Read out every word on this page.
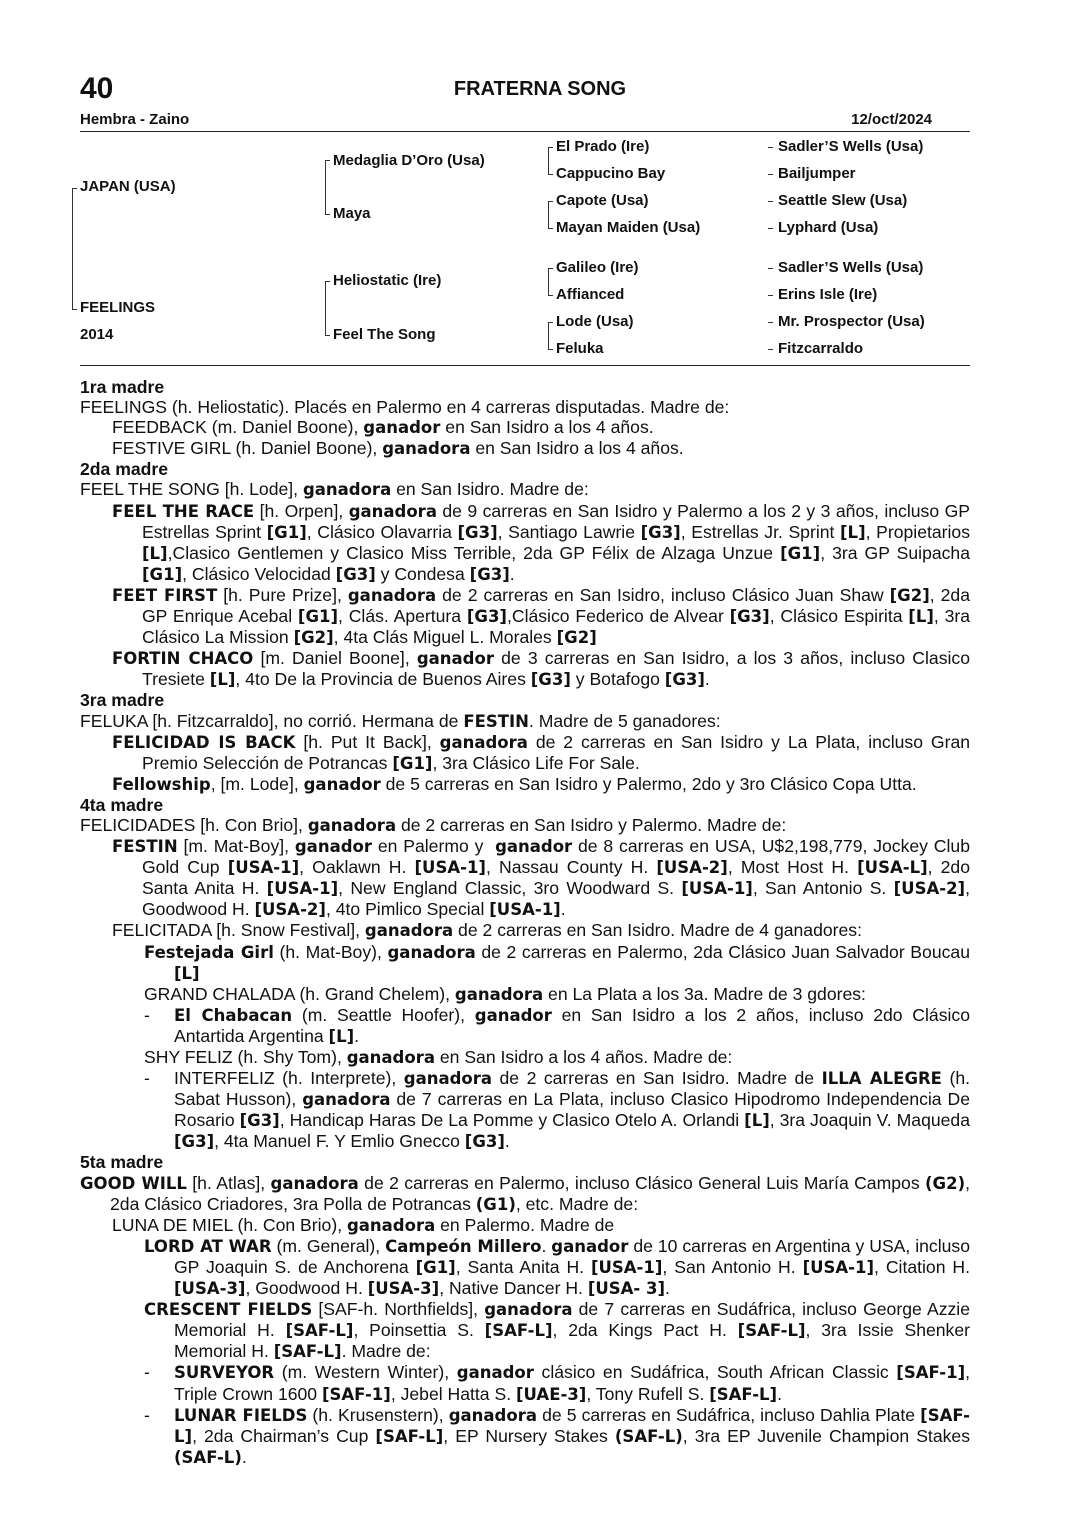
40	FRATERNA SONG
Hembra - Zaino	12/oct/2024
JAPAN (USA)
FEELINGS
2014
Medaglia D’Oro (Usa)
Maya
Heliostatic (Ire)
Feel The Song
El Prado (Ire)
Cappucino Bay
Capote (Usa)
Mayan Maiden (Usa)
Galileo (Ire)
Affianced
Lode (Usa)
Feluka
Sadler’S Wells (Usa)
Bailjumper
Seattle Slew (Usa)
Lyphard (Usa)
Sadler’S Wells (Usa)
Erins Isle (Ire)
Mr. Prospector (Usa)
Fitzcarraldo

1ra madre

FEELINGS (h. Heliostatic). Placés en Palermo en 4 carreras disputadas. Madre de:

FEEDBACK (m. Daniel Boone), ganador en San Isidro a los 4 años.

FESTIVE GIRL (h. Daniel Boone), ganadora en San Isidro a los 4 años.

2da madre

FEEL THE SONG [h. Lode], ganadora en San Isidro. Madre de:

FEEL THE RACE [h. Orpen], ganadora de 9 carreras en San Isidro y Palermo a los 2 y 3 años, incluso GP Estrellas Sprint [G1], Clásico Olavarria [G3], Santiago Lawrie [G3], Estrellas Jr. Sprint [L], Propietarios [L],Clasico Gentlemen y Clasico Miss Terrible, 2da GP Félix de Alzaga Unzue [G1], 3ra GP Suipacha [G1], Clásico Velocidad [G3] y Condesa [G3].

FEET FIRST [h. Pure Prize], ganadora de 2 carreras en San Isidro, incluso Clásico Juan Shaw [G2], 2da GP Enrique Acebal [G1], Clás. Apertura [G3],Clásico Federico de Alvear [G3], Clásico Espirita [L], 3ra Clásico La Mission [G2], 4ta Clás Miguel L. Morales [G2]

FORTIN CHACO [m. Daniel Boone], ganador de 3 carreras en San Isidro, a los 3 años, incluso Clasico Tresiete [L], 4to De la Provincia de Buenos Aires [G3] y Botafogo [G3].

3ra madre

FELUKA [h. Fitzcarraldo], no corrió. Hermana de FESTIN. Madre de 5 ganadores:

FELICIDAD IS BACK [h. Put It Back], ganadora de 2 carreras en San Isidro y La Plata, incluso Gran Premio Selección de Potrancas [G1], 3ra Clásico Life For Sale.

Fellowship, [m. Lode], ganador de 5 carreras en San Isidro y Palermo, 2do y 3ro Clásico Copa Utta.

4ta madre

FELICIDADES [h. Con Brio], ganadora de 2 carreras en San Isidro y Palermo. Madre de:

FESTIN [m. Mat-Boy], ganador en Palermo y  ganador de 8 carreras en USA, U$2,198,779, Jockey Club Gold Cup [USA-1], Oaklawn H. [USA-1], Nassau County H. [USA-2], Most Host H. [USA-L], 2do Santa Anita H. [USA-1], New England Classic, 3ro Woodward S. [USA-1], San Antonio S. [USA-2], Goodwood H. [USA-2], 4to Pimlico Special [USA-1].

FELICITADA [h. Snow Festival], ganadora de 2 carreras en San Isidro. Madre de 4 ganadores:

Festejada Girl (h. Mat-Boy), ganadora de 2 carreras en Palermo, 2da Clásico Juan Salvador Boucau [L]

GRAND CHALADA (h. Grand Chelem), ganadora en La Plata a los 3a. Madre de 3 gdores:

- El Chabacan (m. Seattle Hoofer), ganador en San Isidro a los 2 años, incluso 2do Clásico Antartida Argentina [L].

SHY FELIZ (h. Shy Tom), ganadora en San Isidro a los 4 años. Madre de:

- INTERFELIZ (h. Interprete), ganadora de 2 carreras en San Isidro. Madre de ILLA ALEGRE (h. Sabat Husson), ganadora de 7 carreras en La Plata, incluso Clasico Hipodromo Independencia De Rosario [G3], Handicap Haras De La Pomme y Clasico Otelo A. Orlandi [L], 3ra Joaquin V. Maqueda [G3], 4ta Manuel F. Y Emlio Gnecco [G3].

5ta madre

GOOD WILL [h. Atlas], ganadora de 2 carreras en Palermo, incluso Clásico General Luis María Campos (G2), 2da Clásico Criadores, 3ra Polla de Potrancas (G1), etc. Madre de:

LUNA DE MIEL (h. Con Brio), ganadora en Palermo. Madre de

LORD AT WAR (m. General), Campeón Millero. ganador de 10 carreras en Argentina y USA, incluso GP Joaquin S. de Anchorena [G1], Santa Anita H. [USA-1], San Antonio H. [USA-1], Citation H. [USA-3], Goodwood H. [USA-3], Native Dancer H. [USA- 3].

CRESCENT FIELDS [SAF-h. Northfields], ganadora de 7 carreras en Sudáfrica, incluso George Azzie Memorial H. [SAF-L], Poinsettia S. [SAF-L], 2da Kings Pact H. [SAF-L], 3ra Issie Shenker Memorial H. [SAF-L]. Madre de:

- SURVEYOR (m. Western Winter), ganador clásico en Sudáfrica, South African Classic [SAF-1], Triple Crown 1600 [SAF-1], Jebel Hatta S. [UAE-3], Tony Rufell S. [SAF-L].

- LUNAR FIELDS (h. Krusenstern), ganadora de 5 carreras en Sudáfrica, incluso Dahlia Plate [SAF-L], 2da Chairman’s Cup [SAF-L], EP Nursery Stakes (SAF-L), 3ra EP Juvenile Champion Stakes (SAF-L).
